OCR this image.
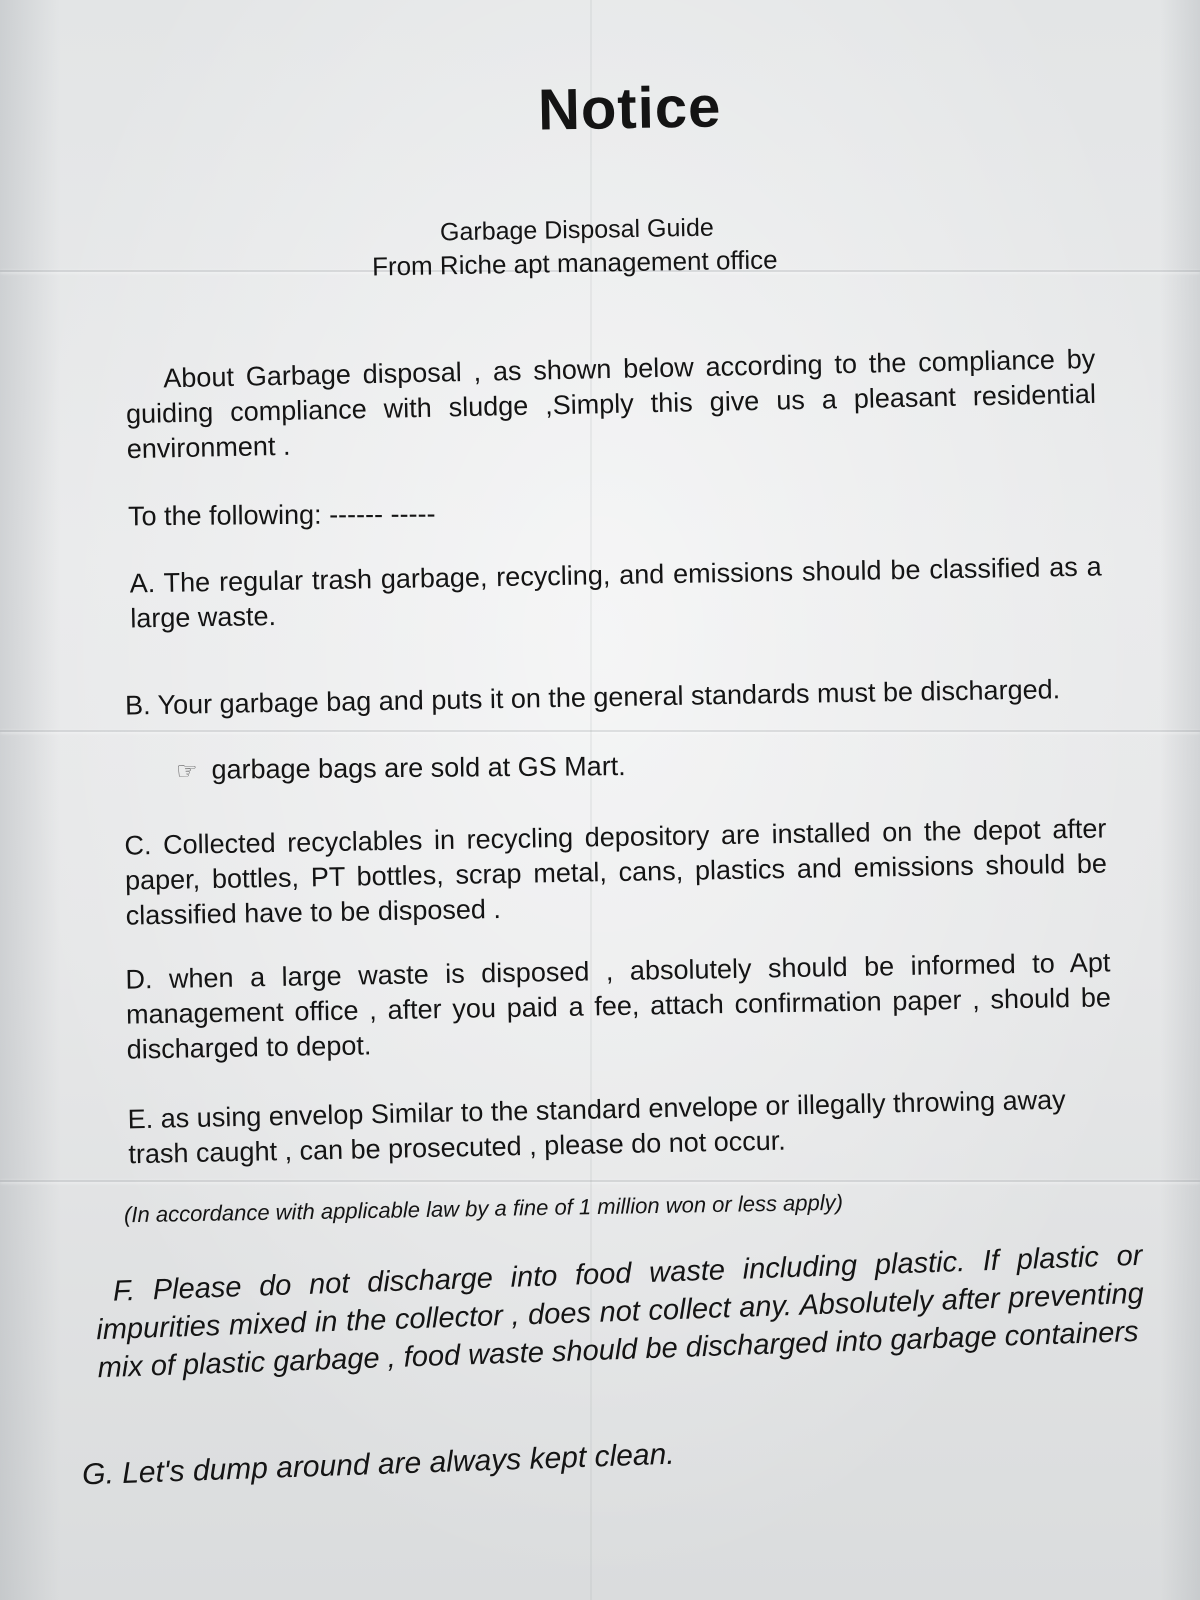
Notice
Garbage Disposal Guide
From Riche apt management office

About Garbage disposal , as shown below according to the compliance by guiding compliance with sludge ,Simply this give us a pleasant residential environment .

To the following: ------ -----

A. The regular trash garbage, recycling, and emissions should be classified as a large waste.

B. Your garbage bag and puts it on the general standards must be discharged.

☞ garbage bags are sold at GS Mart.

C. Collected recyclables in recycling depository are installed on the depot after paper, bottles, PT bottles, scrap metal, cans, plastics and emissions should be classified have to be disposed .

D. when a large waste is disposed , absolutely should be informed to Apt management office , after you paid a fee, attach confirmation paper , should be discharged to depot.

E. as using envelop Similar to the standard envelope or illegally throwing away trash caught , can be prosecuted , please do not occur.

(In accordance with applicable law by a fine of 1 million won or less apply)

F. Please do not discharge into food waste including plastic. If plastic or impurities mixed in the collector , does not collect any. Absolutely after preventing mix of plastic garbage , food waste should be discharged into garbage containers

G. Let's dump around are always kept clean.
